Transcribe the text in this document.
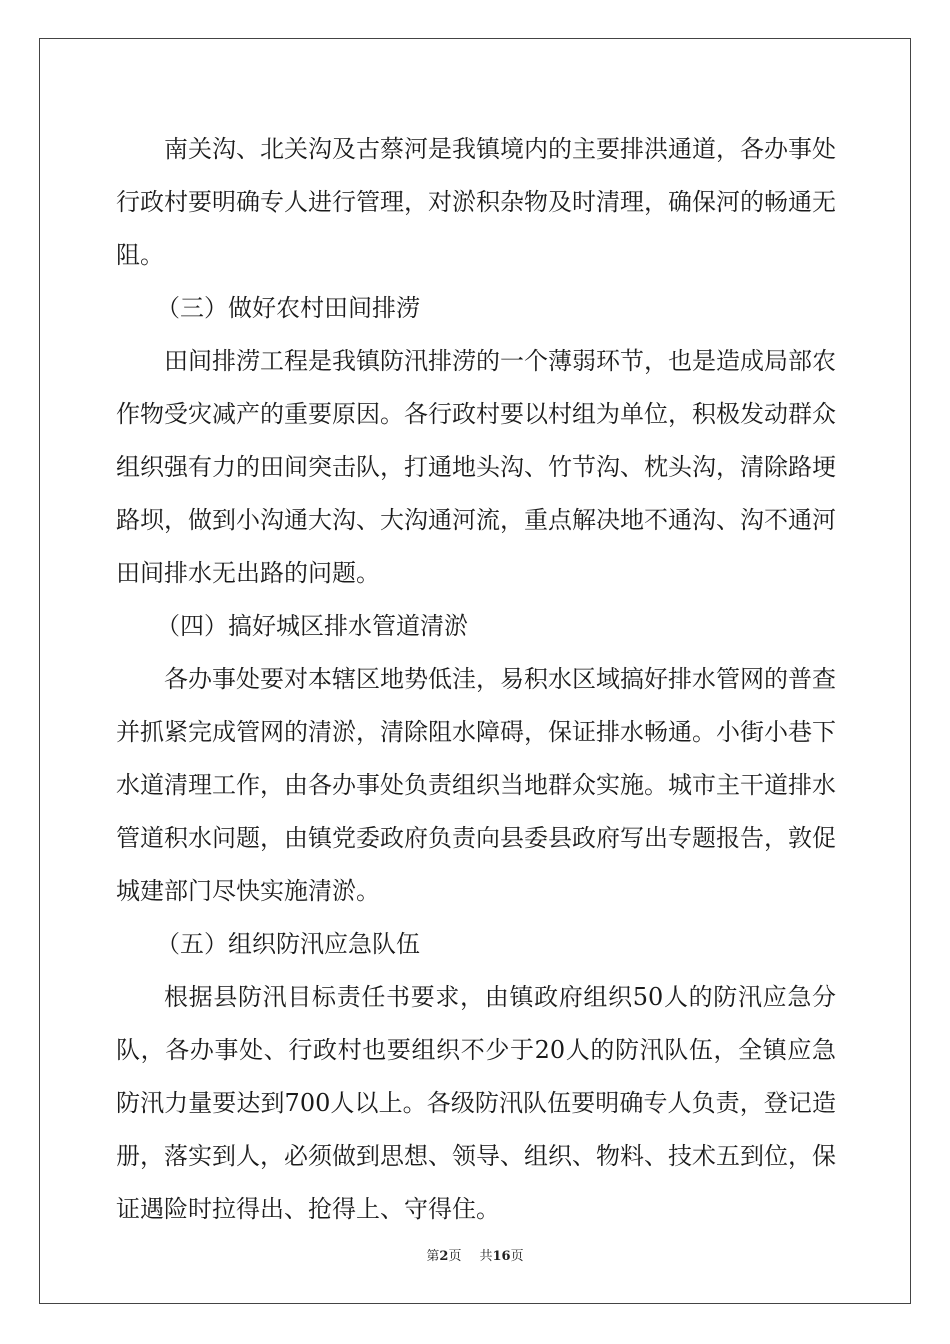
南关沟、北关沟及古蔡河是我镇境内的主要排洪通道，各办事处行政村要明确专人进行管理，对淤积杂物及时清理，确保河的畅通无阻。

（三）做好农村田间排涝

田间排涝工程是我镇防汛排涝的一个薄弱环节，也是造成局部农作物受灾减产的重要原因。各行政村要以村组为单位，积极发动群众组织强有力的田间突击队，打通地头沟、竹节沟、枕头沟，清除路埂路坝，做到小沟通大沟、大沟通河流，重点解决地不通沟、沟不通河田间排水无出路的问题。

（四）搞好城区排水管道清淤

各办事处要对本辖区地势低洼，易积水区域搞好排水管网的普查并抓紧完成管网的清淤，清除阻水障碍，保证排水畅通。小街小巷下水道清理工作，由各办事处负责组织当地群众实施。城市主干道排水管道积水问题，由镇党委政府负责向县委县政府写出专题报告，敦促城建部门尽快实施清淤。

（五）组织防汛应急队伍

根据县防汛目标责任书要求，由镇政府组织50人的防汛应急分队，各办事处、行政村也要组织不少于20人的防汛队伍，全镇应急防汛力量要达到700人以上。各级防汛队伍要明确专人负责，登记造册，落实到人，必须做到思想、领导、组织、物料、技术五到位，保证遇险时拉得出、抢得上、守得住。

第2页 共16页
